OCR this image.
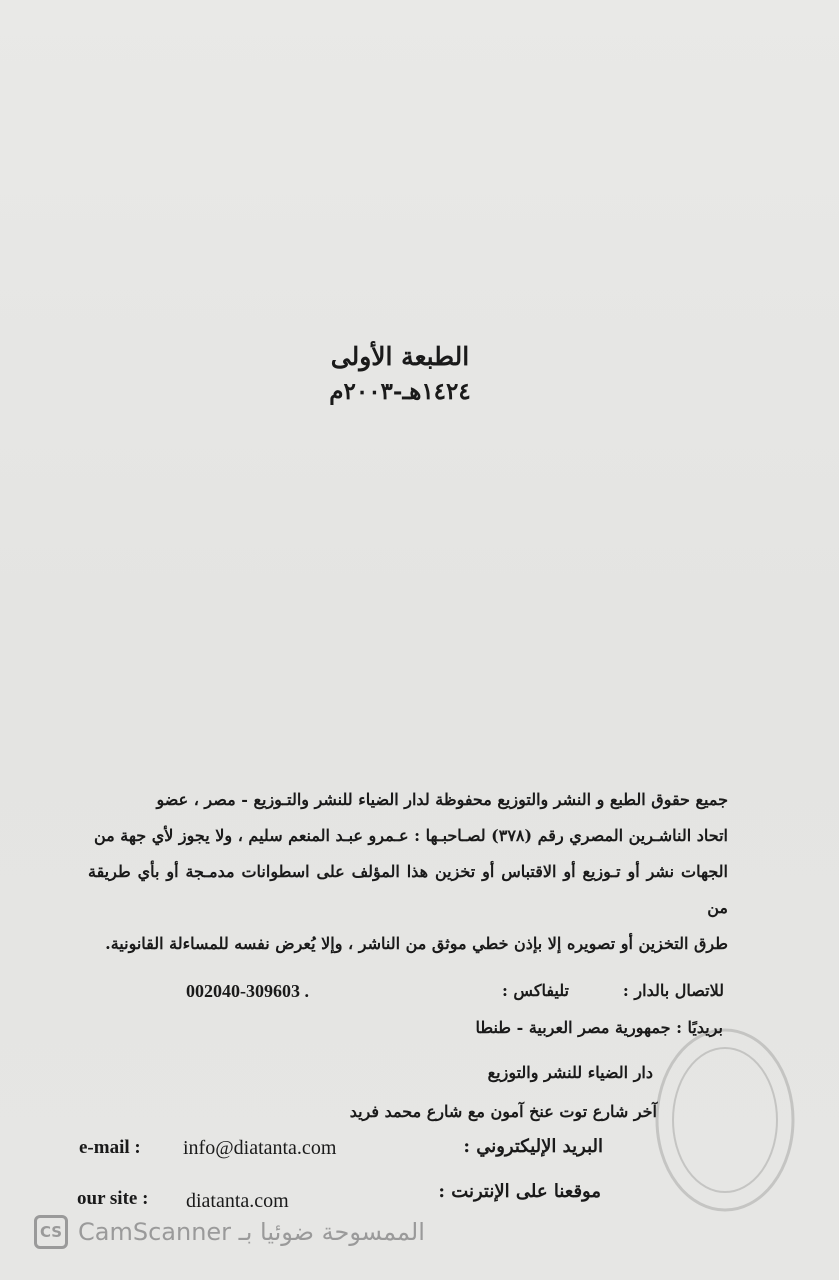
الطبعة الأولى
١٤٢٤هـ-٢٠٠٣م

جميع حقوق الطبع و النشر والتوزيع محفوظة لدار الضياء للنشر والتـوزيع - مصر ، عضو

اتحاد الناشـرين المصري رقم (٣٧٨) لصـاحبـها : عـمرو عبـد المنعم سليم ، ولا يجوز لأي جهة من

الجهات نشر أو تـوزيع أو الاقتباس أو تخزين هذا المؤلف على اسطوانات مدمـجة أو بأي طريقة من

طرق التخزين أو تصويره إلا بإذن خطي موثق من الناشر ، وإلا يُعرض نفسه للمساءلة القانونية.

للاتصال بالدار :
تليفاكس :
002040-309603 .
بريديًا : جمهورية مصر العربية - طنطا
دار الضياء للنشر والتوزيع
آخر شارع توت عنخ آمون مع شارع محمد فريد
البريد الإليكتروني :
e-mail : info@diatanta.com
موقعنا على الإنترنت :
our site : diatanta.com
CS الممسوحة ضوئيا بـ CamScanner
